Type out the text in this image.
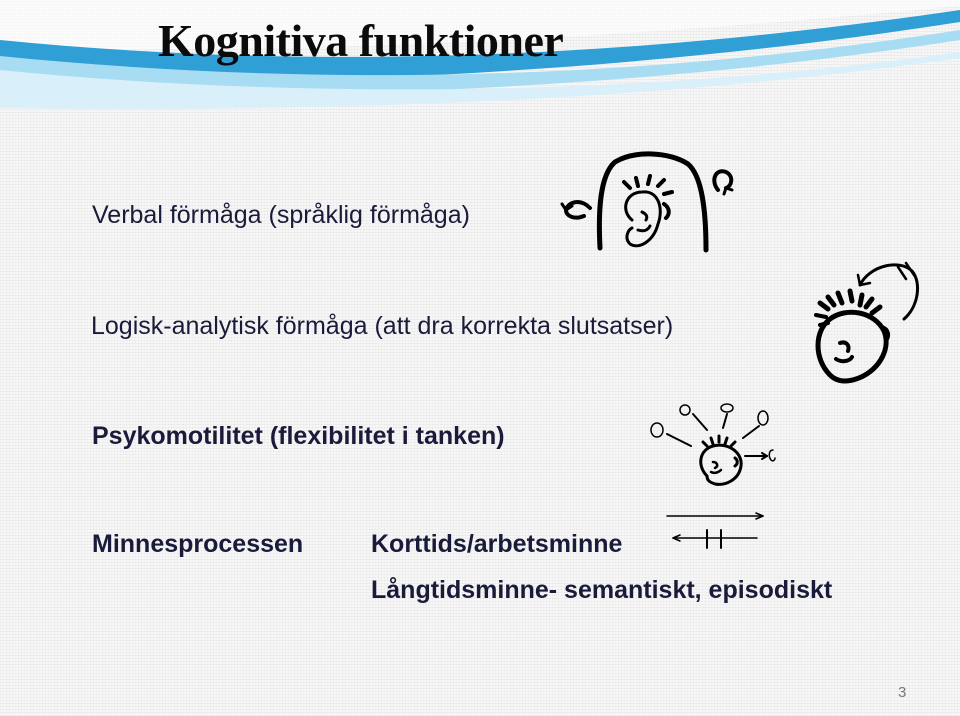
Kognitiva funktioner
Verbal förmåga (språklig förmåga)
Logisk-analytisk förmåga (att dra korrekta slutsatser)
Psykomotilitet (flexibilitet i tanken)
Minnesprocessen	Korttids/arbetsminne
Långtidsminne- semantiskt, episodiskt
3
